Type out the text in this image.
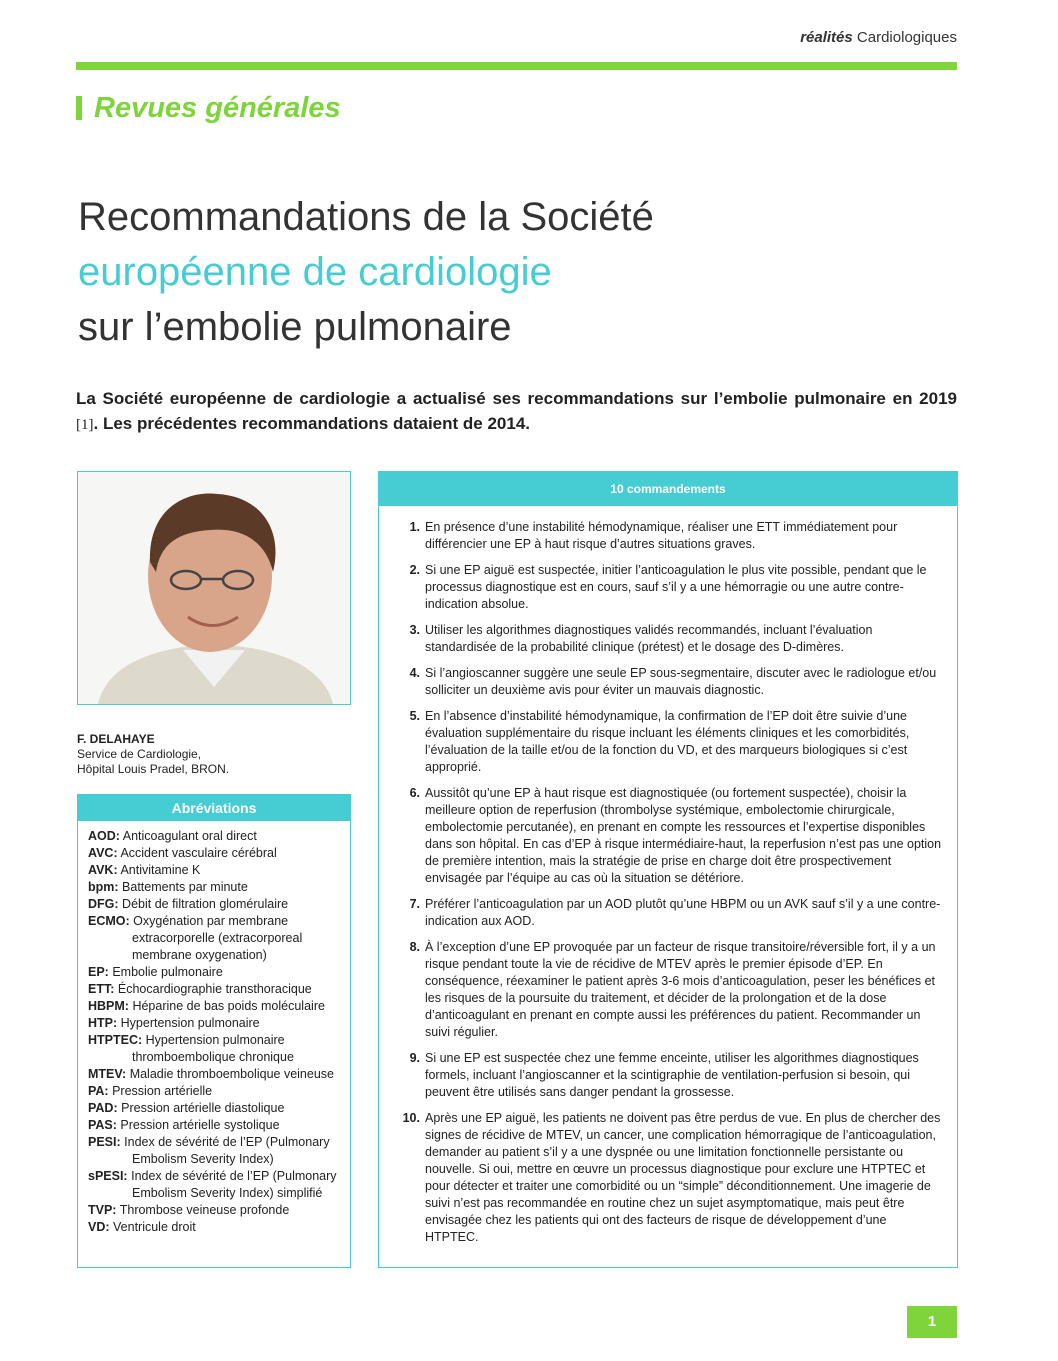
réalités Cardiologiques
Revues générales
Recommandations de la Société
européenne de cardiologie
sur l’embolie pulmonaire
La Société européenne de cardiologie a actualisé ses recommandations sur l’embolie pulmonaire en 2019 [1]. Les précédentes recommandations dataient de 2014.
F. DELAHAYE
Service de Cardiologie,
Hôpital Louis Pradel, BRON.
Abréviations
AOD: Anticoagulant oral direct
AVC: Accident vasculaire cérébral
AVK: Antivitamine K
bpm: Battements par minute
DFG: Débit de filtration glomérulaire
ECMO: Oxygénation par membrane extracorporelle (extracorporeal membrane oxygenation)
EP: Embolie pulmonaire
ETT: Échocardiographie transthoracique
HBPM: Héparine de bas poids moléculaire
HTP: Hypertension pulmonaire
HTPTEC: Hypertension pulmonaire thromboembolique chronique
MTEV: Maladie thromboembolique veineuse
PA: Pression artérielle
PAD: Pression artérielle diastolique
PAS: Pression artérielle systolique
PESI: Index de sévérité de l’EP (Pulmonary Embolism Severity Index)
sPESI: Index de sévérité de l’EP (Pulmonary Embolism Severity Index) simplifié
TVP: Thrombose veineuse profonde
VD: Ventricule droit
10 commandements
1. En présence d’une instabilité hémodynamique, réaliser une ETT immédiatement pour différencier une EP à haut risque d’autres situations graves.
2. Si une EP aiguë est suspectée, initier l’anticoagulation le plus vite possible, pendant que le processus diagnostique est en cours, sauf s’il y a une hémorragie ou une autre contre-indication absolue.
3. Utiliser les algorithmes diagnostiques validés recommandés, incluant l’évaluation standardisée de la probabilité clinique (prétest) et le dosage des D-dimères.
4. Si l’angioscanner suggère une seule EP sous-segmentaire, discuter avec le radiologue et/ou solliciter un deuxième avis pour éviter un mauvais diagnostic.
5. En l’absence d’instabilité hémodynamique, la confirmation de l’EP doit être suivie d’une évaluation supplémentaire du risque incluant les éléments cliniques et les comorbidités, l’évaluation de la taille et/ou de la fonction du VD, et des marqueurs biologiques si c’est approprié.
6. Aussitôt qu’une EP à haut risque est diagnostiquée (ou fortement suspectée), choisir la meilleure option de reperfusion (thrombolyse systémique, embolectomie chirurgicale, embolectomie percutanée), en prenant en compte les ressources et l’expertise disponibles dans son hôpital. En cas d’EP à risque intermédiaire-haut, la reperfusion n’est pas une option de première intention, mais la stratégie de prise en charge doit être prospectivement envisagée par l’équipe au cas où la situation se détériore.
7. Préférer l’anticoagulation par un AOD plutôt qu’une HBPM ou un AVK sauf s’il y a une contre-indication aux AOD.
8. À l’exception d’une EP provoquée par un facteur de risque transitoire/réversible fort, il y a un risque pendant toute la vie de récidive de MTEV après le premier épisode d’EP. En conséquence, réexaminer le patient après 3-6 mois d’anticoagulation, peser les bénéfices et les risques de la poursuite du traitement, et décider de la prolongation et de la dose d’anticoagulant en prenant en compte aussi les préférences du patient. Recommander un suivi régulier.
9. Si une EP est suspectée chez une femme enceinte, utiliser les algorithmes diagnostiques formels, incluant l’angioscanner et la scintigraphie de ventilation-perfusion si besoin, qui peuvent être utilisés sans danger pendant la grossesse.
10. Après une EP aiguë, les patients ne doivent pas être perdus de vue. En plus de chercher des signes de récidive de MTEV, un cancer, une complication hémorragique de l’anticoagulation, demander au patient s’il y a une dyspnée ou une limitation fonctionnelle persistante ou nouvelle. Si oui, mettre en œuvre un processus diagnostique pour exclure une HTPTEC et pour détecter et traiter une comorbidité ou un “simple” déconditionnement. Une imagerie de suivi n’est pas recommandée en routine chez un sujet asymptomatique, mais peut être envisagée chez les patients qui ont des facteurs de risque de développement d’une HTPTEC.
1
